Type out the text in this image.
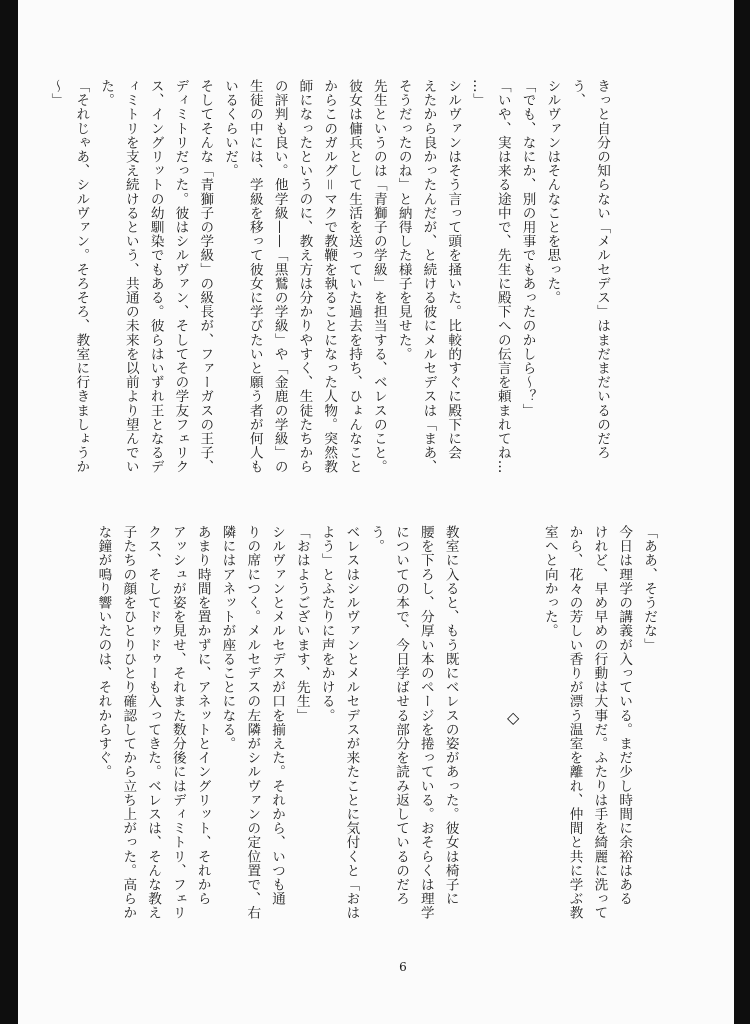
きっと自分の知らない「メルセデス」はまだまだいるのだろう、
シルヴァンはそんなことを思った。
「でも、なにか、別の用事でもあったのかしら〜？」
「いや、実は来る途中で、先生に殿下への伝言を頼まれてね…
…」
シルヴァンはそう言って頭を掻いた。比較的すぐに殿下に会
えたから良かったんだが、と続ける彼にメルセデスは「まあ、
そうだったのね」と納得した様子を見せた。
先生というのは「青獅子の学級」を担当する、ベレスのこと。
彼女は傭兵として生活を送っていた過去を持ち、ひょんなこと
からこのガルグ＝マクで教鞭を執ることになった人物。突然教
師になったというのに、教え方は分かりやすく、生徒たちから
の評判も良い。他学級——「黒鷲の学級」や「金鹿の学級」の
生徒の中には、学級を移って彼女に学びたいと願う者が何人も
いるくらいだ。
そしてそんな「青獅子の学級」の級長が、ファーガスの王子、
ディミトリだった。彼はシルヴァン、そしてその学友フェリク
ス、イングリットの幼馴染でもある。彼らはいずれ王となるデ
ィミトリを支え続けるという、共通の未来を以前より望んでい
た。
「それじゃあ、シルヴァン。そろそろ、教室に行きましょうか
〜」
◇
「ああ、そうだな」
今日は理学の講義が入っている。まだ少し時間に余裕はある
けれど、早め早めの行動は大事だ。ふたりは手を綺麗に洗って
から、花々の芳しい香りが漂う温室を離れ、仲間と共に学ぶ教
室へと向かった。

教室に入ると、もう既にベレスの姿があった。彼女は椅子に
腰を下ろし、分厚い本のページを捲っている。おそらくは理学
についての本で、今日学ばせる部分を読み返しているのだろう。
ベレスはシルヴァンとメルセデスが来たことに気付くと「おは
よう」とふたりに声をかける。
「おはようございます、先生」
シルヴァンとメルセデスが口を揃えた。それから、いつも通
りの席につく。メルセデスの左隣がシルヴァンの定位置で、右
隣にはアネットが座ることになる。
あまり時間を置かずに、アネットとイングリット、それから
アッシュが姿を見せ、それまた数分後にはディミトリ、フェリ
クス、そしてドゥドゥーも入ってきた。ベレスは、そんな教え
子たちの顔をひとりひとり確認してから立ち上がった。高らか
な鐘が鳴り響いたのは、それからすぐ。
6
